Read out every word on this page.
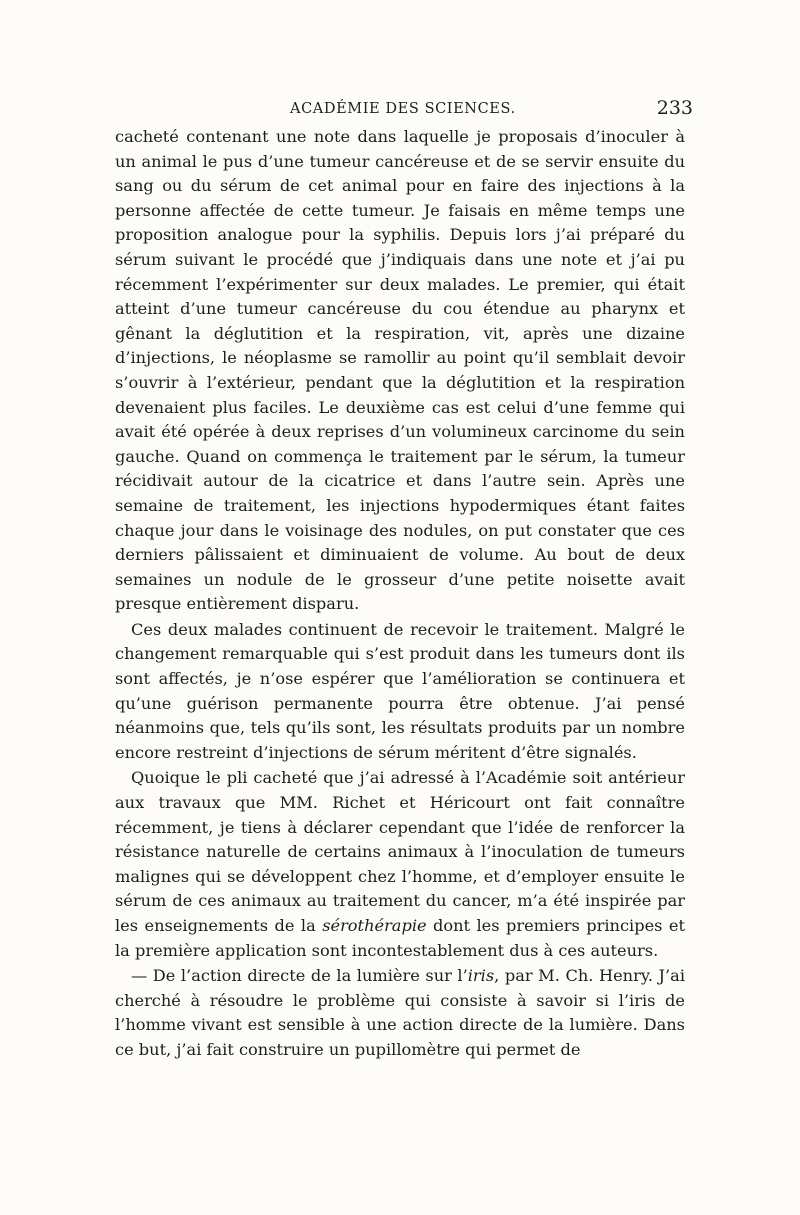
ACADÉMIE DES SCIENCES.	233

cacheté contenant une note dans laquelle je proposais d’inoculer à un animal le pus d’une tumeur cancéreuse et de se servir ensuite du sang ou du sérum de cet animal pour en faire des injections à la personne affectée de cette tumeur. Je faisais en même temps une proposition analogue pour la syphilis. Depuis lors j’ai préparé du sérum suivant le procédé que j’indiquais dans une note et j’ai pu récemment l’expérimenter sur deux malades. Le premier, qui était atteint d’une tumeur cancéreuse du cou étendue au pharynx et gênant la déglutition et la respiration, vit, après une dizaine d’injections, le néoplasme se ramollir au point qu’il semblait devoir s’ouvrir à l’extérieur, pendant que la déglutition et la respiration devenaient plus faciles. Le deuxième cas est celui d’une femme qui avait été opérée à deux reprises d’un volumineux carcinome du sein gauche. Quand on commença le traitement par le sérum, la tumeur récidivait autour de la cicatrice et dans l’autre sein. Après une semaine de traitement, les injections hypodermiques étant faites chaque jour dans le voisinage des nodules, on put constater que ces derniers pâlissaient et diminuaient de volume. Au bout de deux semaines un nodule de le grosseur d’une petite noisette avait presque entièrement disparu.

Ces deux malades continuent de recevoir le traitement. Malgré le changement remarquable qui s’est produit dans les tumeurs dont ils sont affectés, je n’ose espérer que l’amélioration se continuera et qu’une guérison permanente pourra être obtenue. J’ai pensé néanmoins que, tels qu’ils sont, les résultats produits par un nombre encore restreint d’injections de sérum méritent d’être signalés.

Quoique le pli cacheté que j’ai adressé à l’Académie soit antérieur aux travaux que MM. Richet et Héricourt ont fait connaître récemment, je tiens à déclarer cependant que l’idée de renforcer la résistance naturelle de certains animaux à l’inoculation de tumeurs malignes qui se développent chez l’homme, et d’employer ensuite le sérum de ces animaux au traitement du cancer, m’a été inspirée par les enseignements de la sérothérapie dont les premiers principes et la première application sont incontestablement dus à ces auteurs.

— De l’action directe de la lumière sur l’iris, par M. Ch. Henry. J’ai cherché à résoudre le problème qui consiste à savoir si l’iris de l’homme vivant est sensible à une action directe de la lumière. Dans ce but, j’ai fait construire un pupillomètre qui permet de
